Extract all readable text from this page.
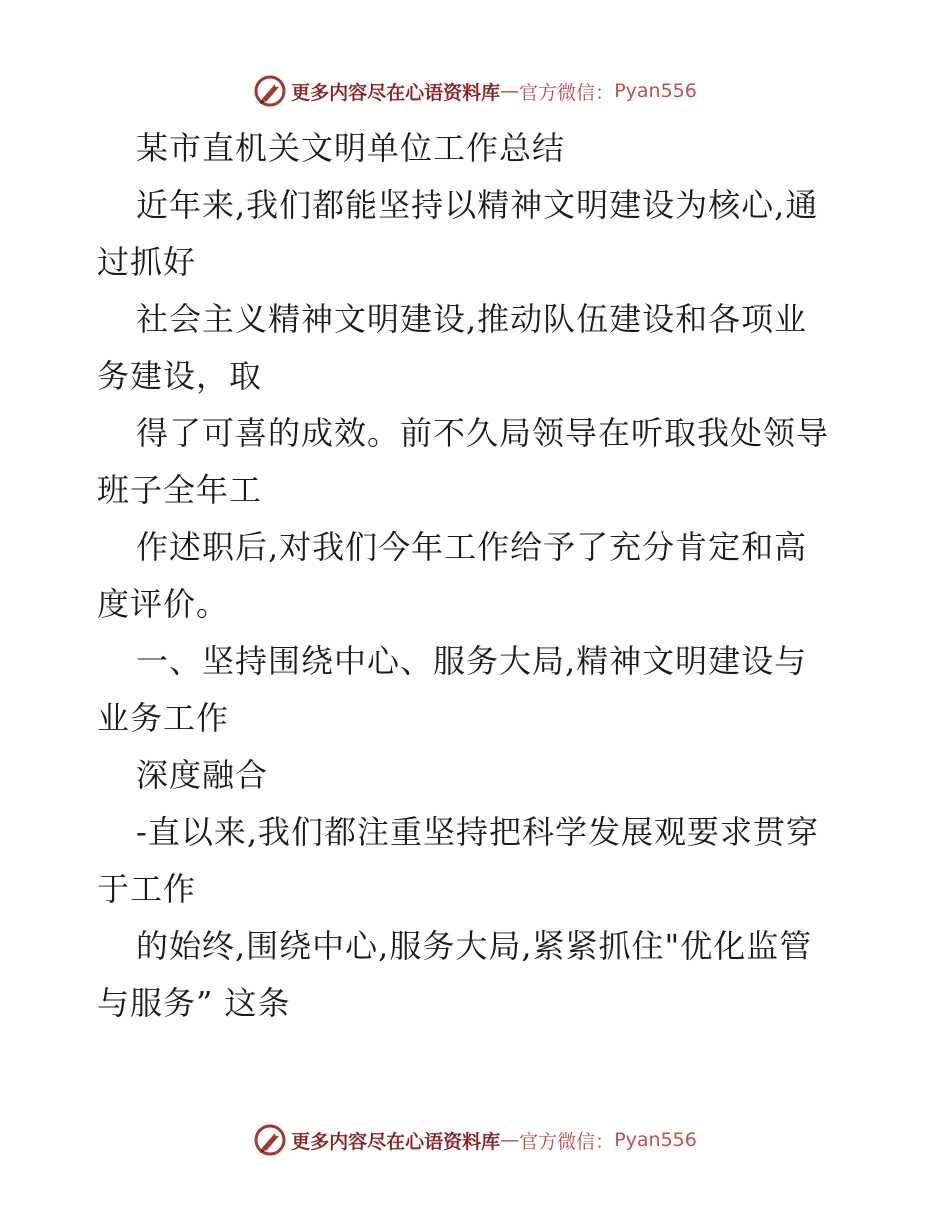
更多内容尽在心语资料库 — 官方微信： Pyan556
某市直机关文明单位工作总结
近年来,我们都能坚持以精神文明建设为核心,通
过抓好
社会主义精神文明建设,推动队伍建设和各项业
务建设，取
得了可喜的成效。前不久局领导在听取我处领导
班子全年工
作述职后,对我们今年工作给予了充分肯定和高
度评价。
一、坚持围绕中心、服务大局,精神文明建设与
业务工作
深度融合
-直以来,我们都注重坚持把科学发展观要求贯穿
于工作
的始终,围绕中心,服务大局,紧紧抓住"优化监管
与服务” 这条
更多内容尽在心语资料库 — 官方微信： Pyan556
